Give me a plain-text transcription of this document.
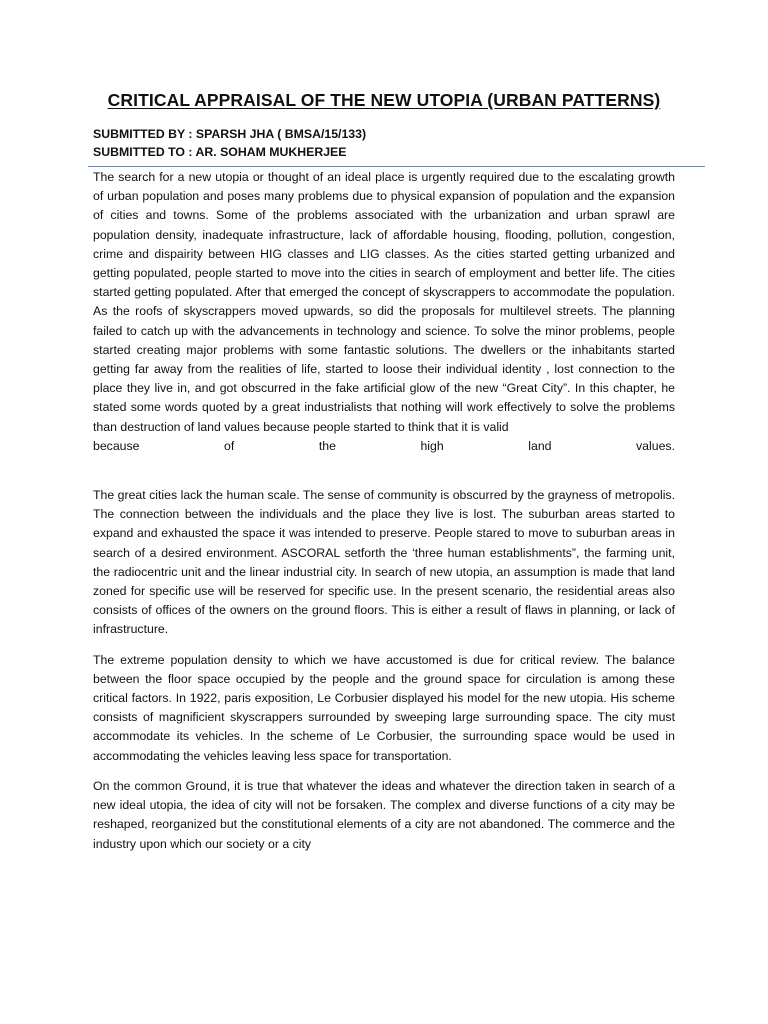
CRITICAL APPRAISAL OF THE NEW UTOPIA (URBAN PATTERNS)
SUBMITTED BY : SPARSH JHA ( BMSA/15/133)
SUBMITTED TO : AR. SOHAM MUKHERJEE

The search for a new utopia or thought of an ideal place is urgently required due to the escalating growth of urban population and poses many problems due to physical expansion of population and the expansion of cities and towns. Some of the problems associated with the urbanization and urban sprawl are population density, inadequate infrastructure, lack of affordable housing, flooding, pollution, congestion, crime and dispairity between HIG classes and LIG classes. As the cities started getting urbanized and getting populated, people started to move into the cities in search of employment and better life. The cities started getting populated. After that emerged the concept of skyscrappers to accommodate the population. As the roofs of skyscrappers moved upwards, so did the proposals for multilevel streets. The planning failed to catch up with the advancements in technology and science. To solve the minor problems, people started creating major problems with some fantastic solutions. The dwellers or the inhabitants started getting far away from the realities of life, started to loose their individual identity , lost connection to the place they live in, and got obscurred in the fake artificial glow of the new “Great City”. In this chapter, he stated some words quoted by a great industrialists that nothing will work effectively to solve the problems than destruction of land values because people started to think that it is valid

because	of	the	high	land	values.

The great cities lack the human scale. The sense of community is obscurred by the grayness of metropolis. The connection between the individuals and the place they live is lost. The suburban areas started to expand and exhausted the space it was intended to preserve. People stared to move to suburban areas in search of a desired environment. ASCORAL setforth the ‘three human establishments”, the farming unit, the radiocentric unit and the linear industrial city. In search of new utopia, an assumption is made that land zoned for specific use will be reserved for specific use. In the present scenario, the residential areas also consists of offices of the owners on the ground floors. This is either a result of flaws in planning, or lack of infrastructure.

The extreme population density to which we have accustomed is due for critical review. The balance between the floor space occupied by the people and the ground space for circulation is among these critical factors. In 1922, paris exposition, Le Corbusier displayed his model for the new utopia. His scheme consists of magnificient skyscrappers surrounded by sweeping large surrounding space. The city must accommodate its vehicles. In the scheme of Le Corbusier, the surrounding space would be used in accommodating the vehicles leaving less space for transportation.

On the common Ground, it is true that whatever the ideas and whatever the direction taken in search of a new ideal utopia, the idea of city will not be forsaken. The complex and diverse functions of a city may be reshaped, reorganized but the constitutional elements of a city are not abandoned. The commerce and the industry upon which our society or a city
